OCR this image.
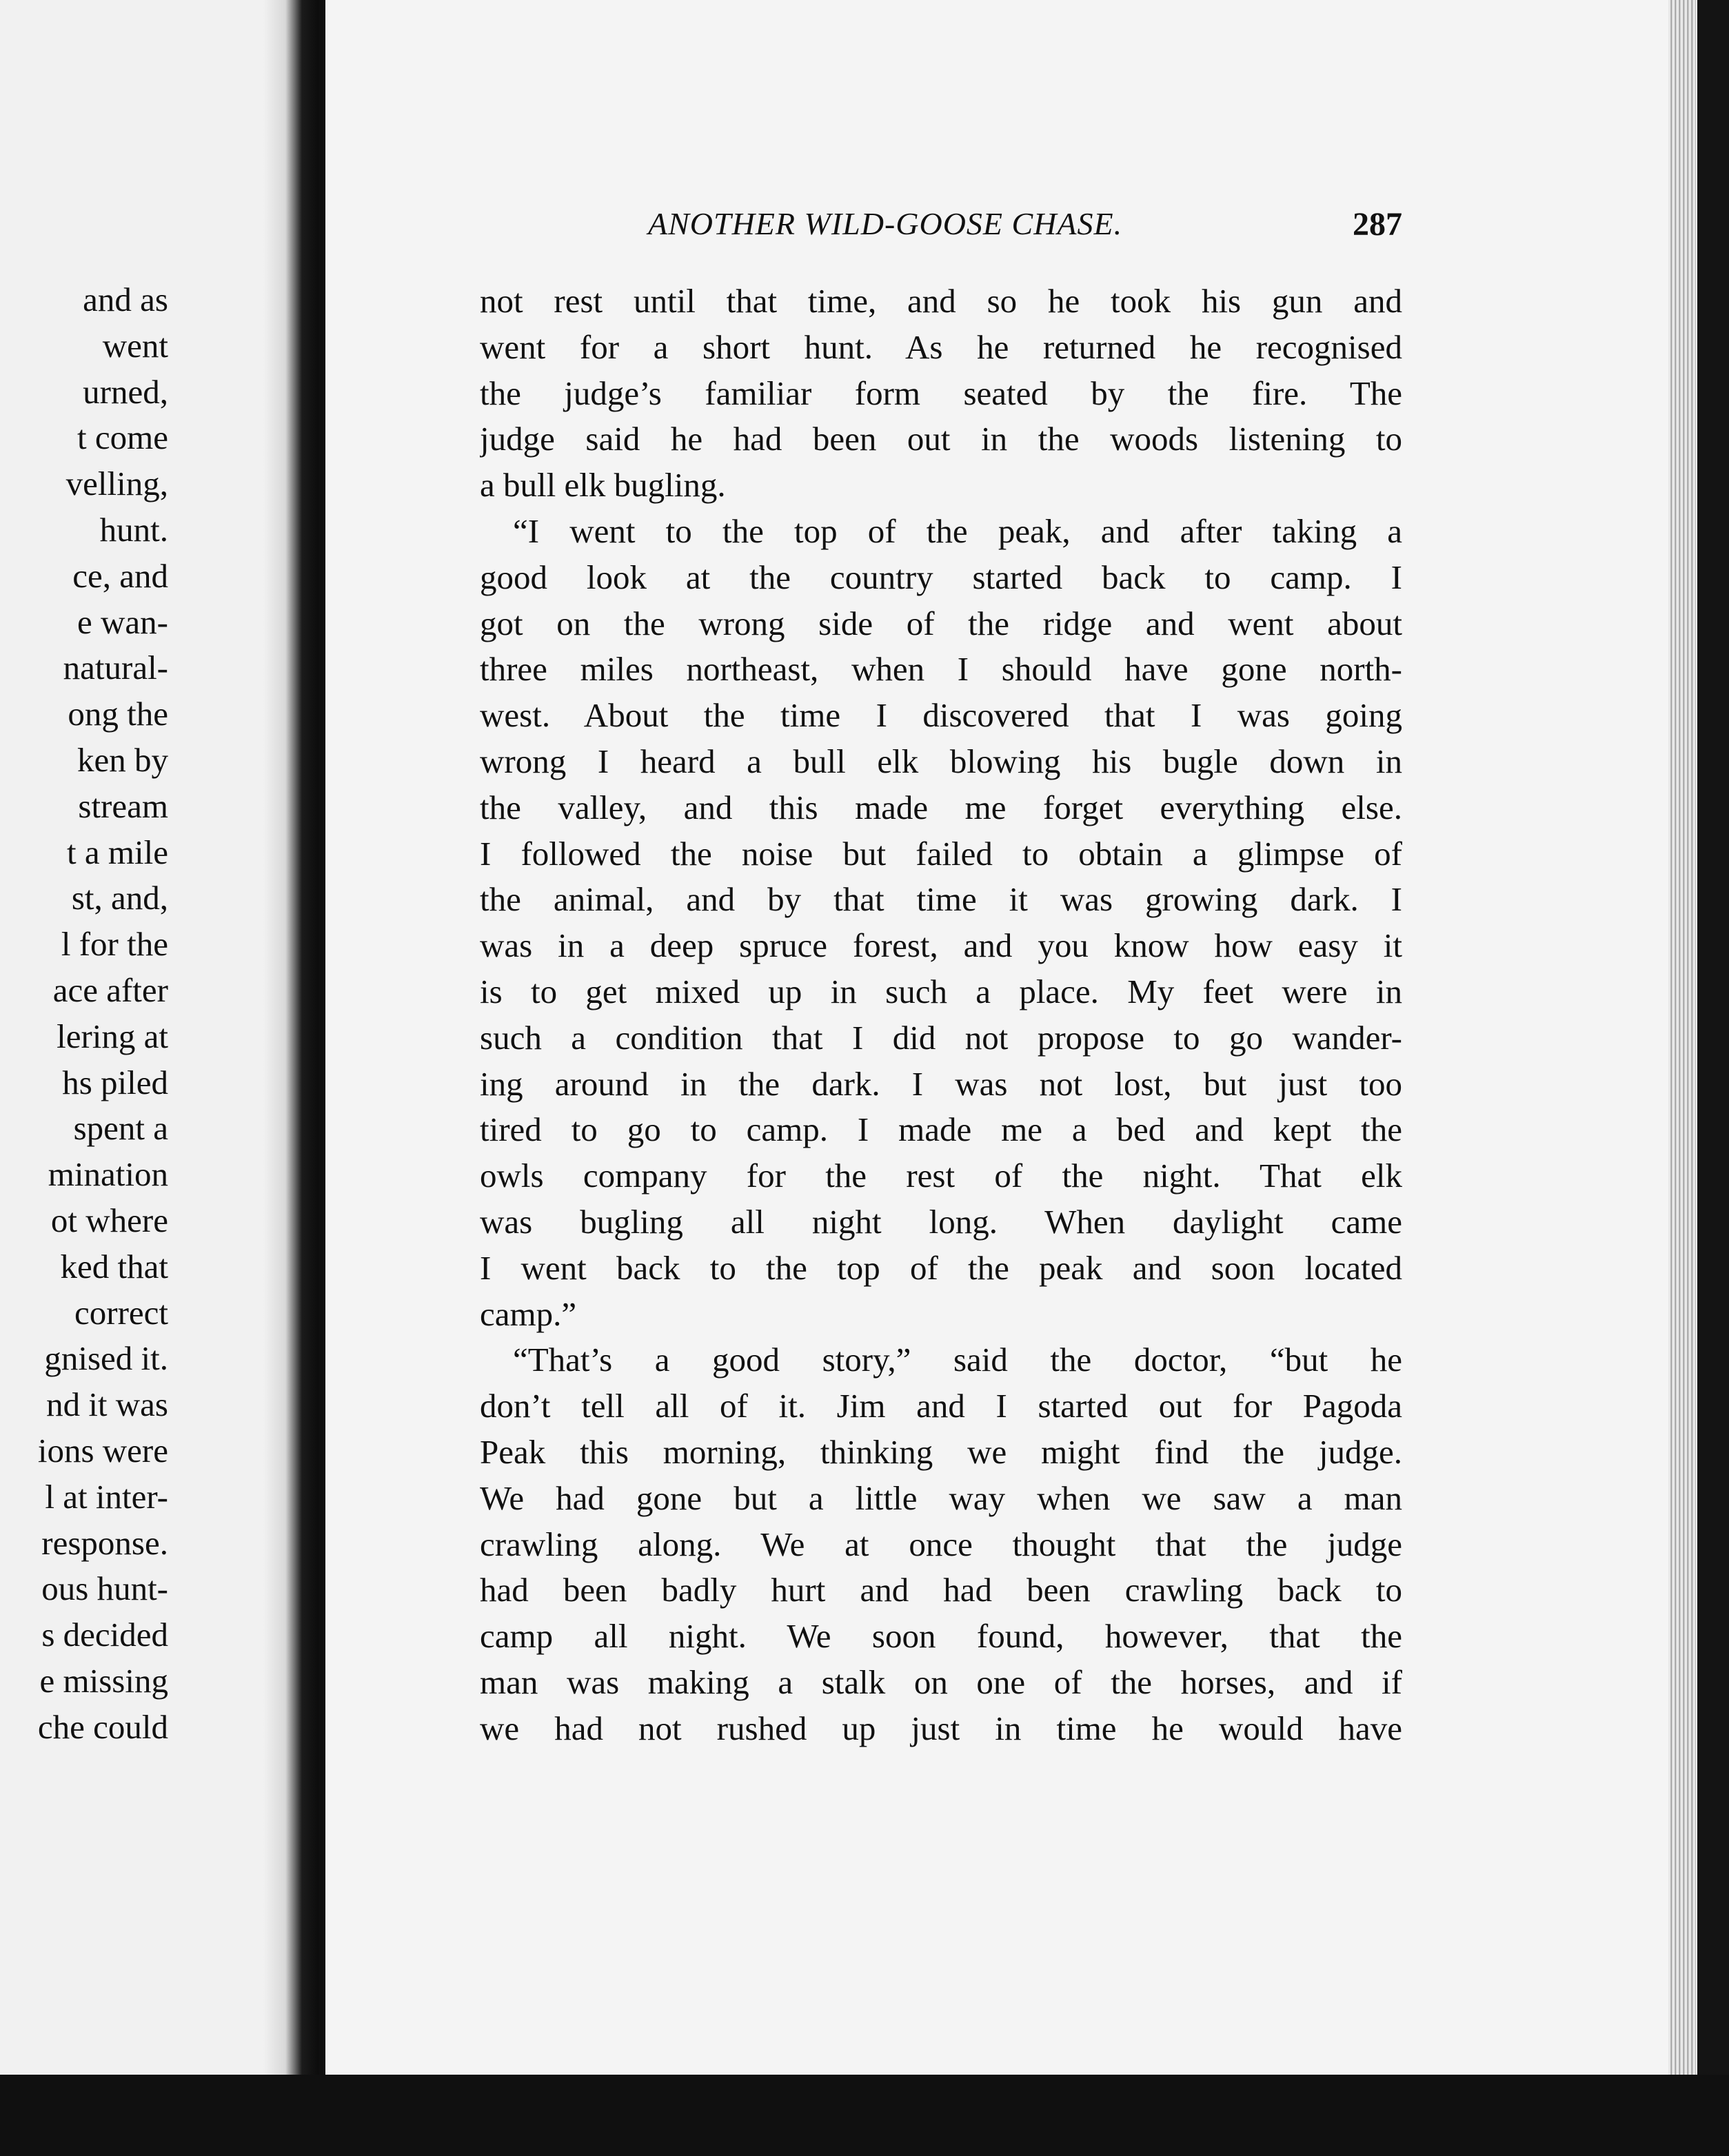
and as
went
urned,
t come
velling,
hunt.
ce, and
e wan-
natural-
ong the
ken by
stream
t a mile
st, and,
l for the
ace after
lering at
hs piled
spent a
mination
ot where
ked that
correct
gnised it.
nd it was
ions were
l at inter-
response.
ous hunt-
s decided
e missing
che could
ANOTHER WILD-GOOSE CHASE.	287
not rest until that time, and so he took his gun and
went for a short hunt. As he returned he recognised
the judge’s familiar form seated by the fire. The
judge said he had been out in the woods listening to
a bull elk bugling.
“I went to the top of the peak, and after taking a
good look at the country started back to camp. I
got on the wrong side of the ridge and went about
three miles northeast, when I should have gone north-
west. About the time I discovered that I was going
wrong I heard a bull elk blowing his bugle down in
the valley, and this made me forget everything else.
I followed the noise but failed to obtain a glimpse of
the animal, and by that time it was growing dark. I
was in a deep spruce forest, and you know how easy it
is to get mixed up in such a place. My feet were in
such a condition that I did not propose to go wander-
ing around in the dark. I was not lost, but just too
tired to go to camp. I made me a bed and kept the
owls company for the rest of the night. That elk
was bugling all night long. When daylight came
I went back to the top of the peak and soon located
camp.”
“That’s a good story,” said the doctor, “but he
don’t tell all of it. Jim and I started out for Pagoda
Peak this morning, thinking we might find the judge.
We had gone but a little way when we saw a man
crawling along. We at once thought that the judge
had been badly hurt and had been crawling back to
camp all night. We soon found, however, that the
man was making a stalk on one of the horses, and if
we had not rushed up just in time he would have
